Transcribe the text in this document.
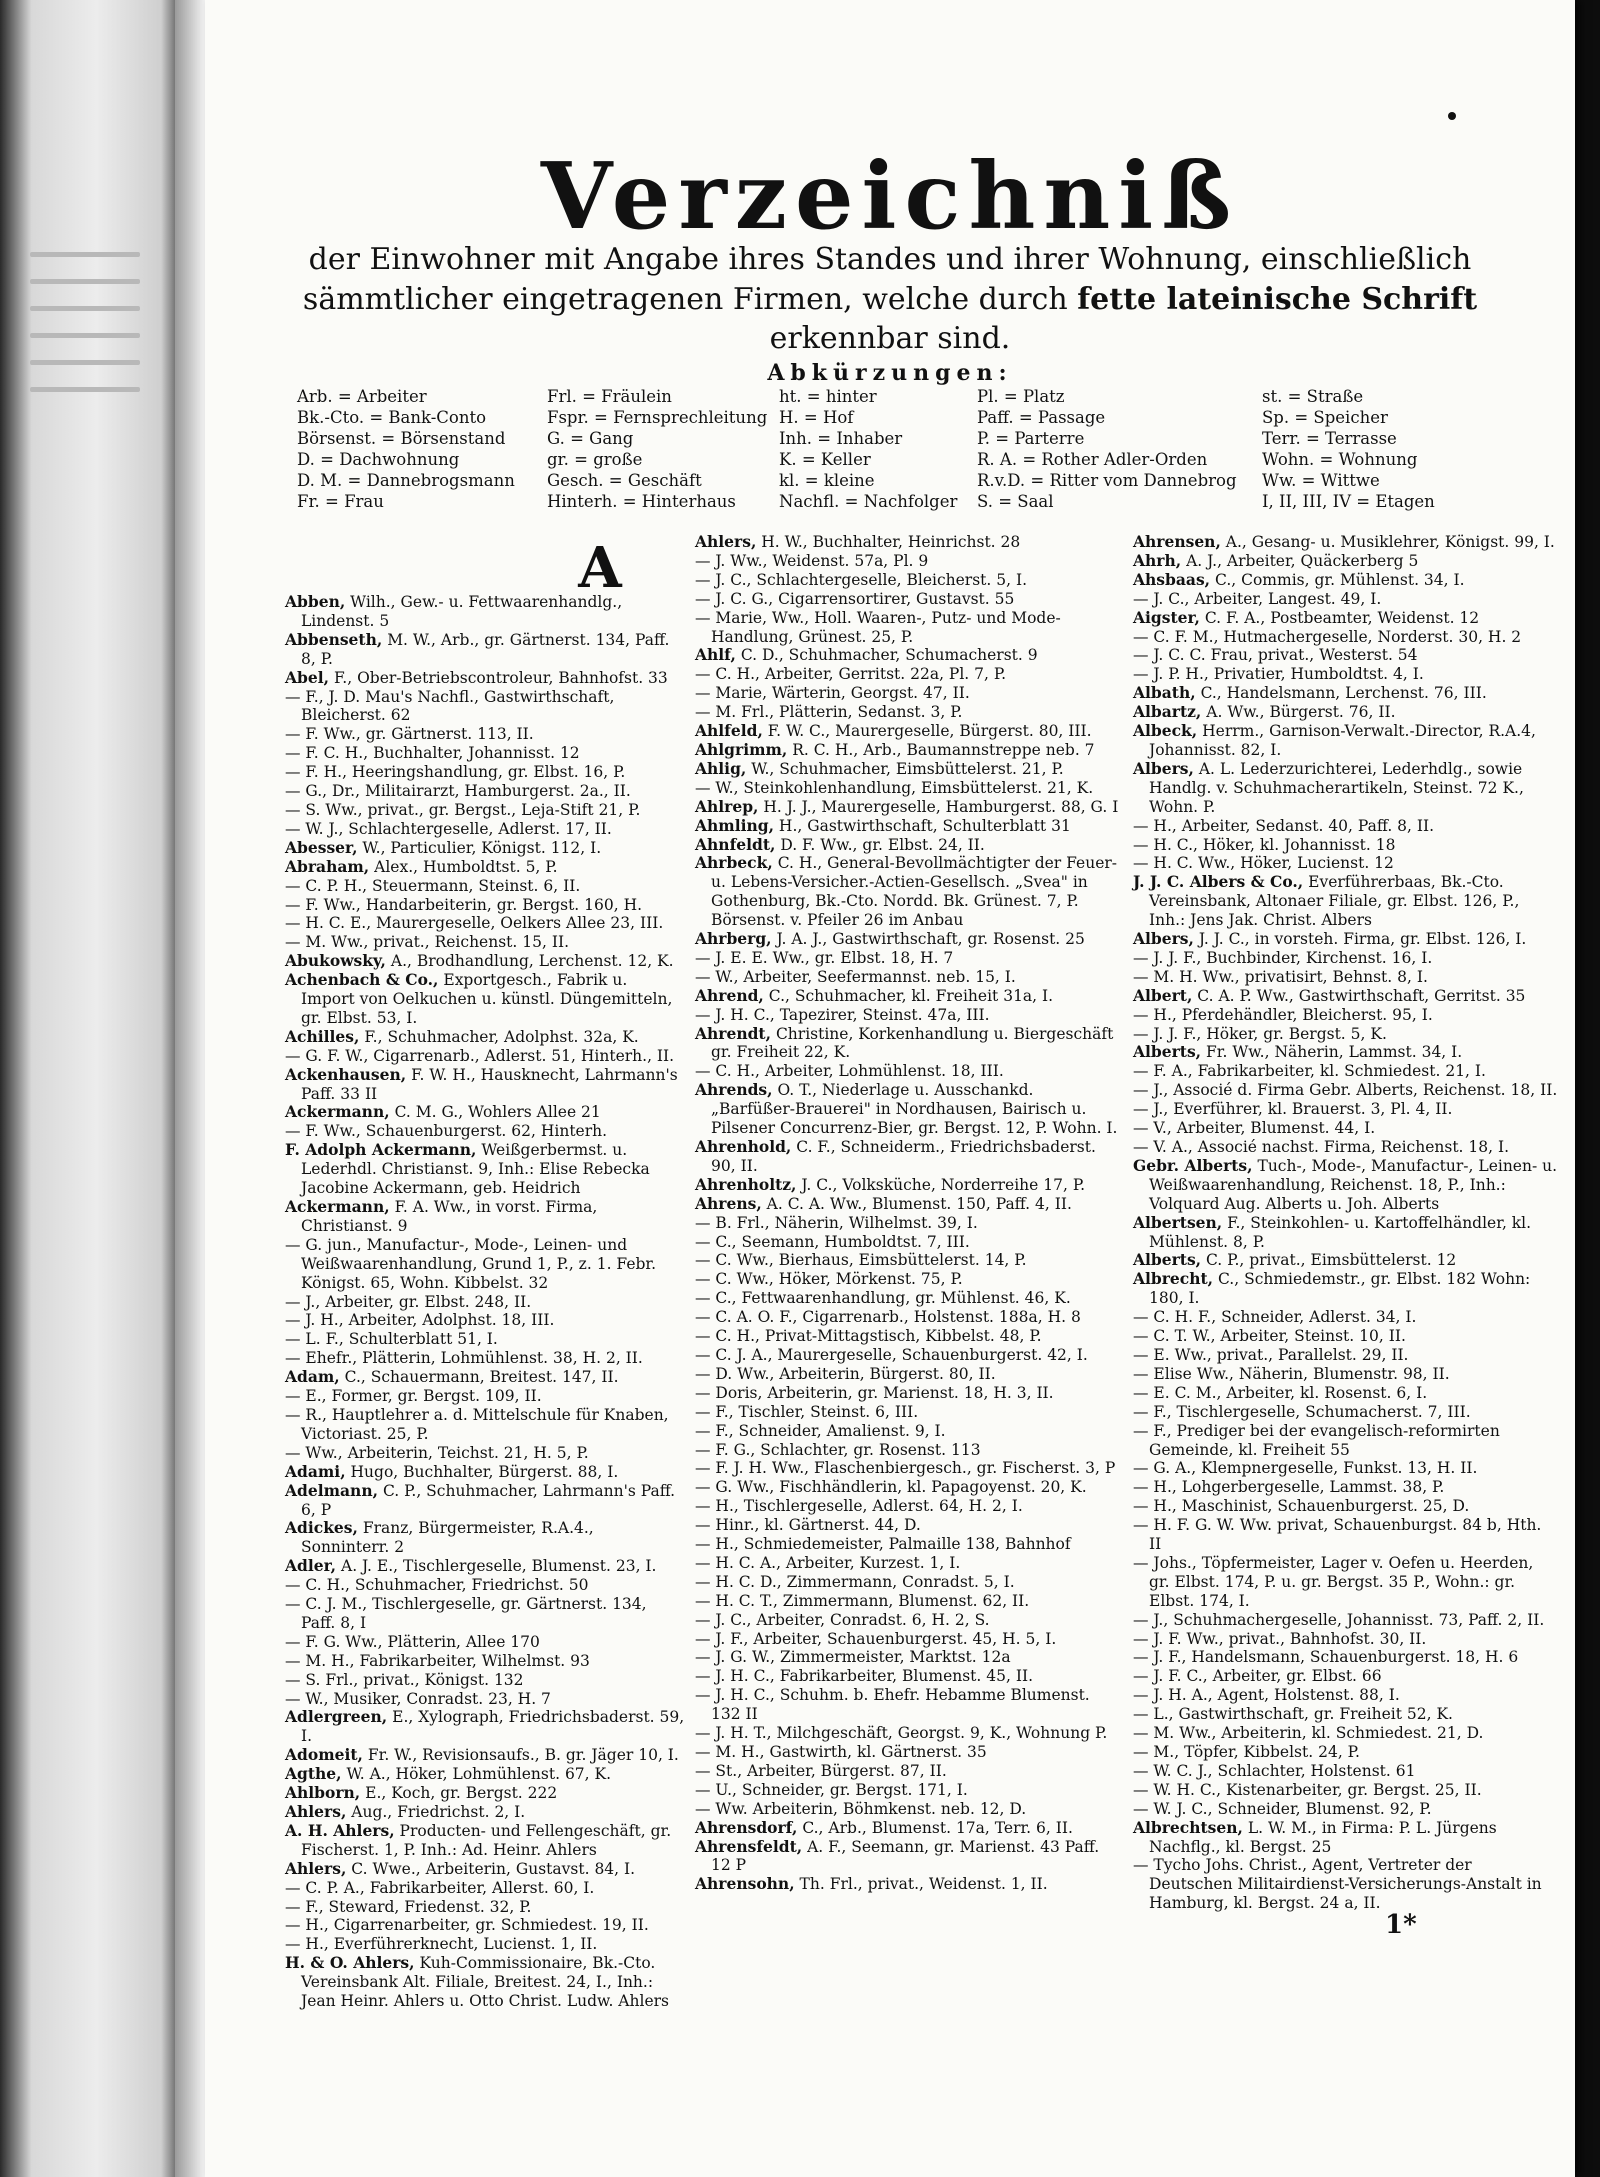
Verzeichniß
der Einwohner mit Angabe ihres Standes und ihrer Wohnung, einschließlich sämmtlicher eingetragenen Firmen, welche durch fette lateinische Schrift erkennbar sind.
Abkürzungen:
Arb. = Arbeiter
Bk.-Cto. = Bank-Conto
Börsenst. = Börsenstand
D. = Dachwohnung
D. M. = Dannebrogsmann
Fr. = Frau
Frl. = Fräulein
Fspr. = Fernsprechleitung
G. = Gang
gr. = große
Gesch. = Geschäft
Hinterh. = Hinterhaus
ht. = hinter
H. = Hof
Inh. = Inhaber
K. = Keller
kl. = kleine
Nachfl. = Nachfolger
Pl. = Platz
Paff. = Passage
P. = Parterre
R. A. = Rother Adler-Orden
R.v.D. = Ritter vom Dannebrog
S. = Saal
st. = Straße
Sp. = Speicher
Terr. = Terrasse
Wohn. = Wohnung
Ww. = Wittwe
I, II, III, IV = Etagen
A
Abben, Wilh., Gew.- u. Fettwaarenhandlg., Lindenst. 5
Abbenseth, M. W., Arb., gr. Gärtnerst. 134, Paff. 8, P.
Abel, F., Ober-Betriebscontroleur, Bahnhofst. 33
— F., J. D. Mau's Nachfl., Gastwirthschaft, Bleicherst. 62
— F. Ww., gr. Gärtnerst. 113, II.
— F. C. H., Buchhalter, Johannisst. 12
— F. H., Heeringshandlung, gr. Elbst. 16, P.
— G., Dr., Militairarzt, Hamburgerst. 2a., II.
— S. Ww., privat., gr. Bergst., Leja-Stift 21, P.
— W. J., Schlachtergeselle, Adlerst. 17, II.
Abesser, W., Particulier, Königst. 112, I.
Abraham, Alex., Humboldtst. 5, P.
— C. P. H., Steuermann, Steinst. 6, II.
— F. Ww., Handarbeiterin, gr. Bergst. 160, H.
— H. C. E., Maurergeselle, Oelkers Allee 23, III.
— M. Ww., privat., Reichenst. 15, II.
Abukowsky, A., Brodhandlung, Lerchenst. 12, K.
Achenbach & Co., Exportgesch., Fabrik u. Import von Oelkuchen u. künstl. Düngemitteln, gr. Elbst. 53, I.
Achilles, F., Schuhmacher, Adolphst. 32a, K.
— G. F. W., Cigarrenarb., Adlerst. 51, Hinterh., II.
Ackenhausen, F. W. H., Hausknecht, Lahrmann's Paff. 33 II
Ackermann, C. M. G., Wohlers Allee 21
— F. Ww., Schauenburgerst. 62, Hinterh.
F. Adolph Ackermann, Weißgerbermst. u. Lederhdl. Christianst. 9, Inh.: Elise Rebecka Jacobine Ackermann, geb. Heidrich
Ackermann, F. A. Ww., in vorst. Firma, Christianst. 9
— G. jun., Manufactur-, Mode-, Leinen- und Weißwaarenhandlung, Grund 1, P., z. 1. Febr. Königst. 65, Wohn. Kibbelst. 32
— J., Arbeiter, gr. Elbst. 248, II.
— J. H., Arbeiter, Adolphst. 18, III.
— L. F., Schulterblatt 51, I.
— Ehefr., Plätterin, Lohmühlenst. 38, H. 2, II.
Adam, C., Schauermann, Breitest. 147, II.
— E., Former, gr. Bergst. 109, II.
— R., Hauptlehrer a. d. Mittelschule für Knaben, Victoriast. 25, P.
— Ww., Arbeiterin, Teichst. 21, H. 5, P.
Adami, Hugo, Buchhalter, Bürgerst. 88, I.
Adelmann, C. P., Schuhmacher, Lahrmann's Paff. 6, P
Adickes, Franz, Bürgermeister, R.A.4., Sonninterr. 2
Adler, A. J. E., Tischlergeselle, Blumenst. 23, I.
— C. H., Schuhmacher, Friedrichst. 50
— C. J. M., Tischlergeselle, gr. Gärtnerst. 134, Paff. 8, I
— F. G. Ww., Plätterin, Allee 170
— M. H., Fabrikarbeiter, Wilhelmst. 93
— S. Frl., privat., Königst. 132
— W., Musiker, Conradst. 23, H. 7
Adlergreen, E., Xylograph, Friedrichsbaderst. 59, I.
Adomeit, Fr. W., Revisionsaufs., B. gr. Jäger 10, I.
Agthe, W. A., Höker, Lohmühlenst. 67, K.
Ahlborn, E., Koch, gr. Bergst. 222
Ahlers, Aug., Friedrichst. 2, I.
A. H. Ahlers, Producten- und Fellengeschäft, gr. Fischerst. 1, P. Inh.: Ad. Heinr. Ahlers
Ahlers, C. Wwe., Arbeiterin, Gustavst. 84, I.
— C. P. A., Fabrikarbeiter, Allerst. 60, I.
— F., Steward, Friedenst. 32, P.
— H., Cigarrenarbeiter, gr. Schmiedest. 19, II.
— H., Everführerknecht, Lucienst. 1, II.
H. & O. Ahlers, Kuh-Commissionaire, Bk.-Cto. Vereinsbank Alt. Filiale, Breitest. 24, I., Inh.: Jean Heinr. Ahlers u. Otto Christ. Ludw. Ahlers
Ahlers, H. W., Buchhalter, Heinrichst. 28
— J. Ww., Weidenst. 57a, Pl. 9
— J. C., Schlachtergeselle, Bleicherst. 5, I.
— J. C. G., Cigarrensortirer, Gustavst. 55
— Marie, Ww., Holl. Waaren-, Putz- und Mode-Handlung, Grünest. 25, P.
Ahlf, C. D., Schuhmacher, Schumacherst. 9
— C. H., Arbeiter, Gerritst. 22a, Pl. 7, P.
— Marie, Wärterin, Georgst. 47, II.
— M. Frl., Plätterin, Sedanst. 3, P.
Ahlfeld, F. W. C., Maurergeselle, Bürgerst. 80, III.
Ahlgrimm, R. C. H., Arb., Baumannstreppe neb. 7
Ahlig, W., Schuhmacher, Eimsbüttelerst. 21, P.
— W., Steinkohlenhandlung, Eimsbüttelerst. 21, K.
Ahlrep, H. J. J., Maurergeselle, Hamburgerst. 88, G. I
Ahmling, H., Gastwirthschaft, Schulterblatt 31
Ahnfeldt, D. F. Ww., gr. Elbst. 24, II.
Ahrbeck, C. H., General-Bevollmächtigter der Feuer- u. Lebens-Versicher.-Actien-Gesellsch. „Svea" in Gothenburg, Bk.-Cto. Nordd. Bk. Grünest. 7, P. Börsenst. v. Pfeiler 26 im Anbau
Ahrberg, J. A. J., Gastwirthschaft, gr. Rosenst. 25
— J. E. E. Ww., gr. Elbst. 18, H. 7
— W., Arbeiter, Seefermannst. neb. 15, I.
Ahrend, C., Schuhmacher, kl. Freiheit 31a, I.
— J. H. C., Tapezirer, Steinst. 47a, III.
Ahrendt, Christine, Korkenhandlung u. Biergeschäft gr. Freiheit 22, K.
— C. H., Arbeiter, Lohmühlenst. 18, III.
Ahrends, O. T., Niederlage u. Ausschankd. „Barfüßer-Brauerei" in Nordhausen, Bairisch u. Pilsener Concurrenz-Bier, gr. Bergst. 12, P. Wohn. I.
Ahrenhold, C. F., Schneiderm., Friedrichsbaderst. 90, II.
Ahrenholtz, J. C., Volksküche, Norderreihe 17, P.
Ahrens, A. C. A. Ww., Blumenst. 150, Paff. 4, II.
— B. Frl., Näherin, Wilhelmst. 39, I.
— C., Seemann, Humboldtst. 7, III.
— C. Ww., Bierhaus, Eimsbüttelerst. 14, P.
— C. Ww., Höker, Mörkenst. 75, P.
— C., Fettwaarenhandlung, gr. Mühlenst. 46, K.
— C. A. O. F., Cigarrenarb., Holstenst. 188a, H. 8
— C. H., Privat-Mittagstisch, Kibbelst. 48, P.
— C. J. A., Maurergeselle, Schauenburgerst. 42, I.
— D. Ww., Arbeiterin, Bürgerst. 80, II.
— Doris, Arbeiterin, gr. Marienst. 18, H. 3, II.
— F., Tischler, Steinst. 6, III.
— F., Schneider, Amalienst. 9, I.
— F. G., Schlachter, gr. Rosenst. 113
— F. J. H. Ww., Flaschenbiergesch., gr. Fischerst. 3, P
— G. Ww., Fischhändlerin, kl. Papagoyenst. 20, K.
— H., Tischlergeselle, Adlerst. 64, H. 2, I.
— Hinr., kl. Gärtnerst. 44, D.
— H., Schmiedemeister, Palmaille 138, Bahnhof
— H. C. A., Arbeiter, Kurzest. 1, I.
— H. C. D., Zimmermann, Conradst. 5, I.
— H. C. T., Zimmermann, Blumenst. 62, II.
— J. C., Arbeiter, Conradst. 6, H. 2, S.
— J. F., Arbeiter, Schauenburgerst. 45, H. 5, I.
— J. G. W., Zimmermeister, Marktst. 12a
— J. H. C., Fabrikarbeiter, Blumenst. 45, II.
— J. H. C., Schuhm. b. Ehefr. Hebamme Blumenst. 132 II
— J. H. T., Milchgeschäft, Georgst. 9, K., Wohnung P.
— M. H., Gastwirth, kl. Gärtnerst. 35
— St., Arbeiter, Bürgerst. 87, II.
— U., Schneider, gr. Bergst. 171, I.
— Ww. Arbeiterin, Böhmkenst. neb. 12, D.
Ahrensdorf, C., Arb., Blumenst. 17a, Terr. 6, II.
Ahrensfeldt, A. F., Seemann, gr. Marienst. 43 Paff. 12 P
Ahrensohn, Th. Frl., privat., Weidenst. 1, II.
Ahrensen, A., Gesang- u. Musiklehrer, Königst. 99, I.
Ahrh, A. J., Arbeiter, Quäckerberg 5
Ahsbaas, C., Commis, gr. Mühlenst. 34, I.
— J. C., Arbeiter, Langest. 49, I.
Aigster, C. F. A., Postbeamter, Weidenst. 12
— C. F. M., Hutmachergeselle, Norderst. 30, H. 2
— J. C. C. Frau, privat., Westerst. 54
— J. P. H., Privatier, Humboldtst. 4, I.
Albath, C., Handelsmann, Lerchenst. 76, III.
Albartz, A. Ww., Bürgerst. 76, II.
Albeck, Herrm., Garnison-Verwalt.-Director, R.A.4, Johannisst. 82, I.
Albers, A. L. Lederzurichterei, Lederhdlg., sowie Handlg. v. Schuhmacherartikeln, Steinst. 72 K., Wohn. P.
— H., Arbeiter, Sedanst. 40, Paff. 8, II.
— H. C., Höker, kl. Johannisst. 18
— H. C. Ww., Höker, Lucienst. 12
J. J. C. Albers & Co., Everführerbaas, Bk.-Cto. Vereinsbank, Altonaer Filiale, gr. Elbst. 126, P., Inh.: Jens Jak. Christ. Albers
Albers, J. J. C., in vorsteh. Firma, gr. Elbst. 126, I.
— J. J. F., Buchbinder, Kirchenst. 16, I.
— M. H. Ww., privatisirt, Behnst. 8, I.
Albert, C. A. P. Ww., Gastwirthschaft, Gerritst. 35
— H., Pferdehändler, Bleicherst. 95, I.
— J. J. F., Höker, gr. Bergst. 5, K.
Alberts, Fr. Ww., Näherin, Lammst. 34, I.
— F. A., Fabrikarbeiter, kl. Schmiedest. 21, I.
— J., Associé d. Firma Gebr. Alberts, Reichenst. 18, II.
— J., Everführer, kl. Brauerst. 3, Pl. 4, II.
— V., Arbeiter, Blumenst. 44, I.
— V. A., Associé nachst. Firma, Reichenst. 18, I.
Gebr. Alberts, Tuch-, Mode-, Manufactur-, Leinen- u. Weißwaarenhandlung, Reichenst. 18, P., Inh.: Volquard Aug. Alberts u. Joh. Alberts
Albertsen, F., Steinkohlen- u. Kartoffelhändler, kl. Mühlenst. 8, P.
Alberts, C. P., privat., Eimsbüttelerst. 12
Albrecht, C., Schmiedemstr., gr. Elbst. 182 Wohn: 180, I.
— C. H. F., Schneider, Adlerst. 34, I.
— C. T. W., Arbeiter, Steinst. 10, II.
— E. Ww., privat., Parallelst. 29, II.
— Elise Ww., Näherin, Blumenstr. 98, II.
— E. C. M., Arbeiter, kl. Rosenst. 6, I.
— F., Tischlergeselle, Schumacherst. 7, III.
— F., Prediger bei der evangelisch-reformirten Gemeinde, kl. Freiheit 55
— G. A., Klempnergeselle, Funkst. 13, H. II.
— H., Lohgerbergeselle, Lammst. 38, P.
— H., Maschinist, Schauenburgerst. 25, D.
— H. F. G. W. Ww. privat, Schauenburgst. 84 b, Hth. II
— Johs., Töpfermeister, Lager v. Oefen u. Heerden, gr. Elbst. 174, P. u. gr. Bergst. 35 P., Wohn.: gr. Elbst. 174, I.
— J., Schuhmachergeselle, Johannisst. 73, Paff. 2, II.
— J. F. Ww., privat., Bahnhofst. 30, II.
— J. F., Handelsmann, Schauenburgerst. 18, H. 6
— J. F. C., Arbeiter, gr. Elbst. 66
— J. H. A., Agent, Holstenst. 88, I.
— L., Gastwirthschaft, gr. Freiheit 52, K.
— M. Ww., Arbeiterin, kl. Schmiedest. 21, D.
— M., Töpfer, Kibbelst. 24, P.
— W. C. J., Schlachter, Holstenst. 61
— W. H. C., Kistenarbeiter, gr. Bergst. 25, II.
— W. J. C., Schneider, Blumenst. 92, P.
Albrechtsen, L. W. M., in Firma: P. L. Jürgens Nachflg., kl. Bergst. 25
— Tycho Johs. Christ., Agent, Vertreter der Deutschen Militairdienst-Versicherungs-Anstalt in Hamburg, kl. Bergst. 24 a, II.
1*
